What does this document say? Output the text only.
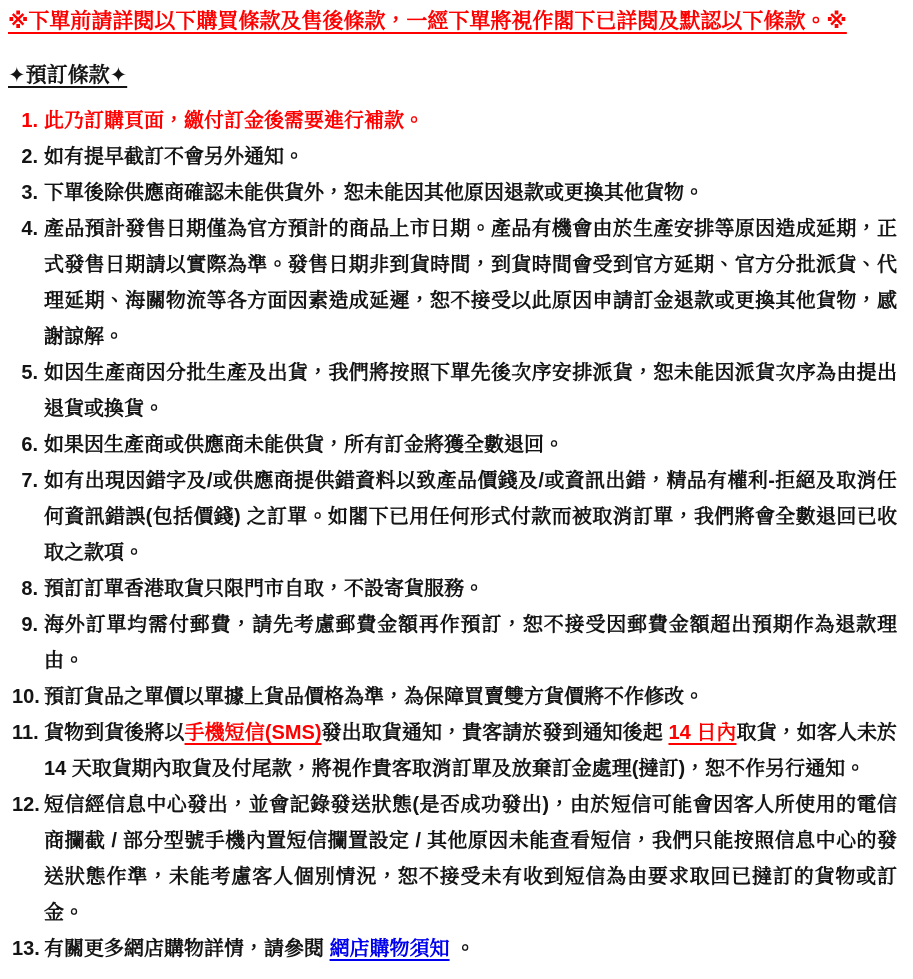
※下單前請詳閱以下購買條款及售後條款，一經下單將視作閣下已詳閱及默認以下條款。※

✦預訂條款✦
此乃訂購頁面，繳付訂金後需要進行補款。
如有提早截訂不會另外通知。
下單後除供應商確認未能供貨外，恕未能因其他原因退款或更換其他貨物。
產品預計發售日期僅為官方預計的商品上市日期。產品有機會由於生產安排等原因造成延期，正式發售日期請以實際為準。發售日期非到貨時間，到貨時間會受到官方延期、官方分批派貨、代理延期、海關物流等各方面因素造成延遲，恕不接受以此原因申請訂金退款或更換其他貨物，感謝諒解。
如因生產商因分批生產及出貨，我們將按照下單先後次序安排派貨，恕未能因派貨次序為由提出退貨或換貨。
如果因生產商或供應商未能供貨，所有訂金將獲全數退回。
如有出現因錯字及/或供應商提供錯資料以致產品價錢及/或資訊出錯，精品有權利-拒絕及取消任何資訊錯誤(包括價錢) 之訂單。如閣下已用任何形式付款而被取消訂單，我們將會全數退回已收取之款項。
預訂訂單香港取貨只限門市自取，不設寄貨服務。
海外訂單均需付郵費，請先考慮郵費金額再作預訂，恕不接受因郵費金額超出預期作為退款理由。
預訂貨品之單價以單據上貨品價格為準，為保障買賣雙方貨價將不作修改。
貨物到貨後將以手機短信(SMS)發出取貨通知，貴客請於發到通知後起 14 日內取貨，如客人未於 14 天取貨期內取貨及付尾款，將視作貴客取消訂單及放棄訂金處理(撻訂)，恕不作另行通知。
短信經信息中心發出，並會記錄發送狀態(是否成功發出)，由於短信可能會因客人所使用的電信商攔截 / 部分型號手機內置短信攔置設定 / 其他原因未能查看短信，我們只能按照信息中心的發送狀態作準，未能考慮客人個別情況，恕不接受未有收到短信為由要求取回已撻訂的貨物或訂金。
有關更多網店購物詳情，請參閱 網店購物須知 。
